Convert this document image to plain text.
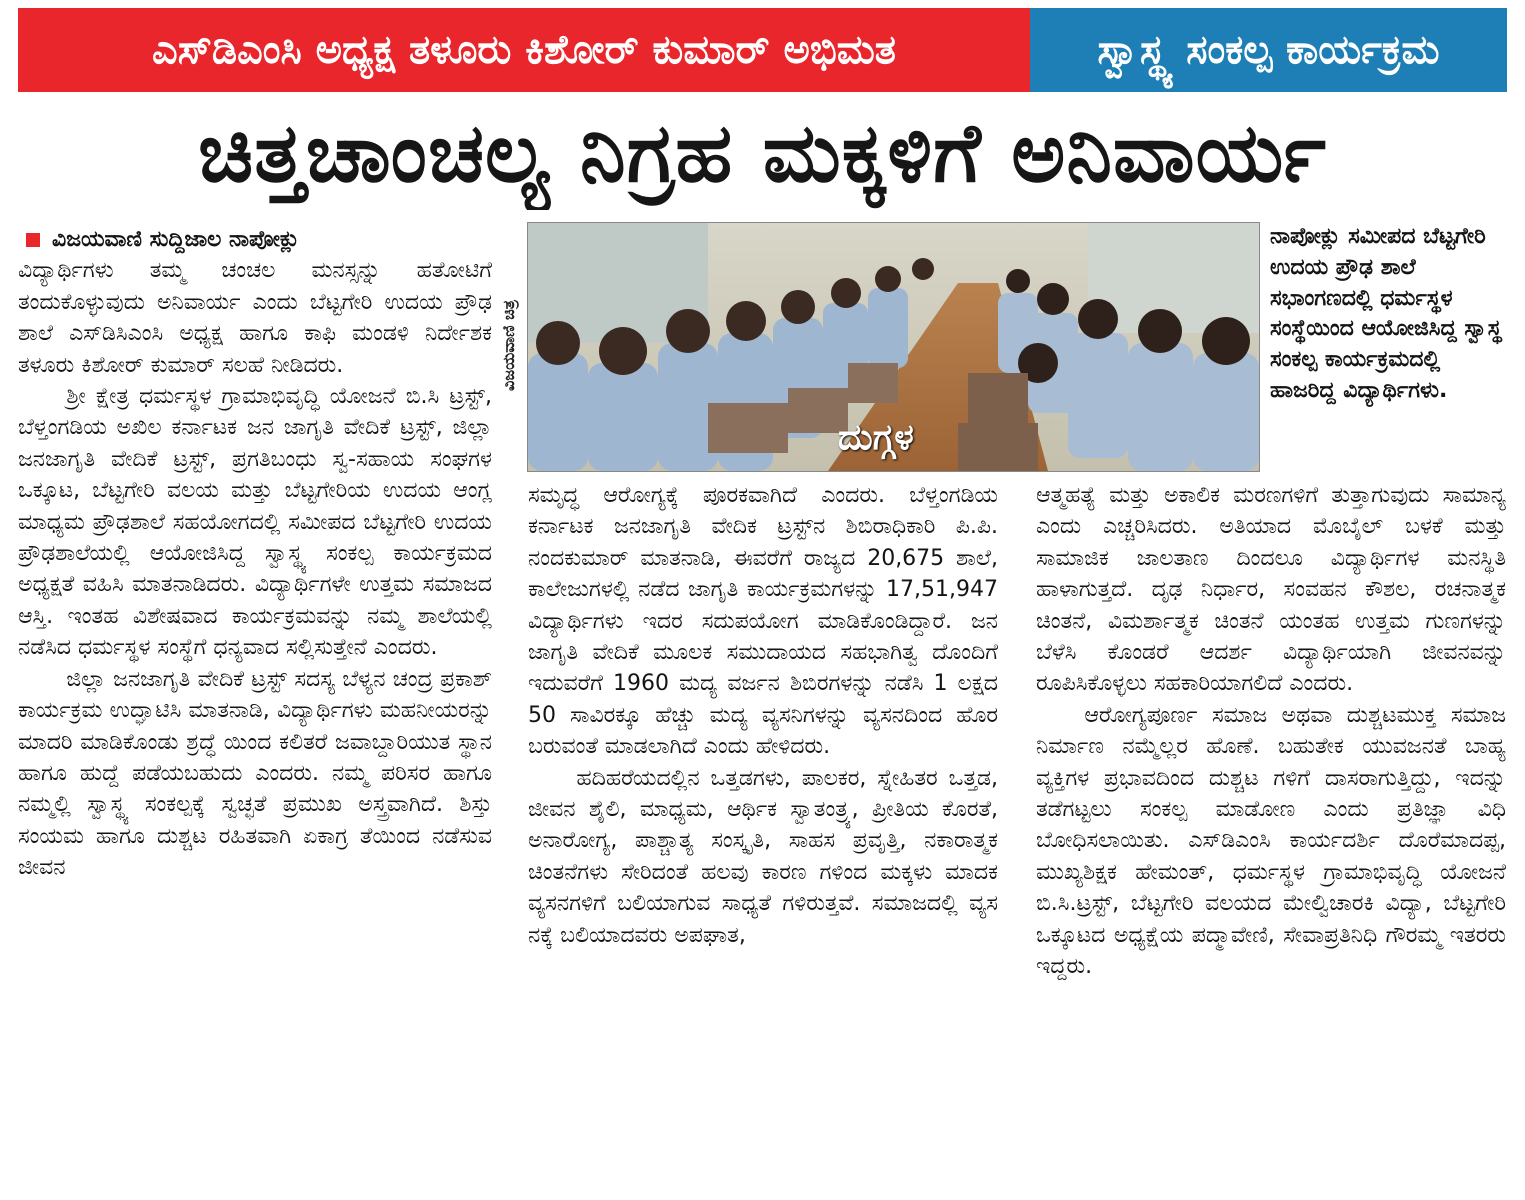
ಎಸ್‌ಡಿಎಂಸಿ ಅಧ್ಯಕ್ಷ ತಳೂರು ಕಿಶೋರ್ ಕುಮಾರ್ ಅಭಿಮತ	ಸ್ವಾಸ್ಥ್ಯ ಸಂಕಲ್ಪ ಕಾರ್ಯಕ್ರಮ
ಚಿತ್ತಚಾಂಚಲ್ಯ ನಿಗ್ರಹ ಮಕ್ಕಳಿಗೆ ಅನಿವಾರ್ಯ
ವಿಜಯವಾಣಿ ಸುದ್ದಿಜಾಲ ನಾಪೋಕ್ಲು

ವಿದ್ಯಾರ್ಥಿಗಳು ತಮ್ಮ ಚಂಚಲ ಮನಸ್ಸನ್ನು ಹತೋಟಿಗೆ ತಂದುಕೊಳ್ಳುವುದು ಅನಿವಾರ್ಯ ಎಂದು ಬೆಟ್ಟಗೇರಿ ಉದಯ ಪ್ರೌಢ ಶಾಲೆ ಎಸ್‌ಡಿಸಿಎಂಸಿ ಅಧ್ಯಕ್ಷ ಹಾಗೂ ಕಾಫಿ ಮಂಡಳಿ ನಿರ್ದೇಶಕ ತಳೂರು ಕಿಶೋರ್ ಕುಮಾರ್ ಸಲಹೆ ನೀಡಿದರು.

ಶ್ರೀ ಕ್ಷೇತ್ರ ಧರ್ಮಸ್ಥಳ ಗ್ರಾಮಾಭಿವೃದ್ಧಿ ಯೋಜನೆ ಬಿ.ಸಿ ಟ್ರಸ್ಟ್, ಬೆಳ್ತಂಗಡಿಯ ಅಖಿಲ ಕರ್ನಾಟಕ ಜನ ಜಾಗೃತಿ ವೇದಿಕೆ ಟ್ರಸ್ಟ್, ಜಿಲ್ಲಾ ಜನಜಾಗೃತಿ ವೇದಿಕೆ ಟ್ರಸ್ಟ್, ಪ್ರಗತಿಬಂಧು ಸ್ವ-ಸಹಾಯ ಸಂಘಗಳ ಒಕ್ಕೂಟ, ಬೆಟ್ಟಗೇರಿ ವಲಯ ಮತ್ತು ಬೆಟ್ಟಗೇರಿಯ ಉದಯ ಆಂಗ್ಲ ಮಾಧ್ಯಮ ಪ್ರೌಢಶಾಲೆ ಸಹಯೋಗದಲ್ಲಿ ಸಮೀಪದ ಬೆಟ್ಟಗೇರಿ ಉದಯ ಪ್ರೌಢಶಾಲೆಯಲ್ಲಿ ಆಯೋಜಿಸಿದ್ದ ಸ್ವಾಸ್ಥ್ಯ ಸಂಕಲ್ಪ ಕಾರ್ಯಕ್ರಮದ ಅಧ್ಯಕ್ಷತೆ ವಹಿಸಿ ಮಾತನಾಡಿದರು. ವಿದ್ಯಾರ್ಥಿಗಳೇ ಉತ್ತಮ ಸಮಾಜದ ಆಸ್ತಿ. ಇಂತಹ ವಿಶೇಷವಾದ ಕಾರ್ಯಕ್ರಮವನ್ನು ನಮ್ಮ ಶಾಲೆಯಲ್ಲಿ ನಡೆಸಿದ ಧರ್ಮಸ್ಥಳ ಸಂಸ್ಥೆಗೆ ಧನ್ಯವಾದ ಸಲ್ಲಿಸುತ್ತೇನೆ ಎಂದರು.

ಜಿಲ್ಲಾ ಜನಜಾಗೃತಿ ವೇದಿಕೆ ಟ್ರಸ್ಟ್ ಸದಸ್ಯ ಬೆಳ್ಯನ ಚಂದ್ರ ಪ್ರಕಾಶ್ ಕಾರ್ಯಕ್ರಮ ಉದ್ಘಾಟಿಸಿ ಮಾತನಾಡಿ, ವಿದ್ಯಾರ್ಥಿಗಳು ಮಹನೀಯರನ್ನು ಮಾದರಿ ಮಾಡಿಕೊಂಡು ಶ್ರದ್ಧೆ ಯಿಂದ ಕಲಿತರೆ ಜವಾಬ್ದಾರಿಯುತ ಸ್ಥಾನ ಹಾಗೂ ಹುದ್ದೆ ಪಡೆಯಬಹುದು ಎಂದರು. ನಮ್ಮ ಪರಿಸರ ಹಾಗೂ ನಮ್ಮಲ್ಲಿ ಸ್ವಾಸ್ಥ್ಯ ಸಂಕಲ್ಪಕ್ಕೆ ಸ್ವಚ್ಛತೆ ಪ್ರಮುಖ ಅಸ್ತ್ರವಾಗಿದೆ. ಶಿಸ್ತು ಸಂಯಮ ಹಾಗೂ ದುಶ್ಚಟ ರಹಿತವಾಗಿ ಏಕಾಗ್ರ ತೆಯಿಂದ ನಡೆಸುವ ಜೀವನ

ವಿಜಯವಾಣಿ ಚಿತ್ರ
ದುಗ್ಗಳ
ನಾಪೋಕ್ಲು ಸಮೀಪದ ಬೆಟ್ಟಗೇರಿ ಉದಯ ಪ್ರೌಢ ಶಾಲೆ ಸಭಾಂಗಣದಲ್ಲಿ ಧರ್ಮಸ್ಥಳ ಸಂಸ್ಥೆಯಿಂದ ಆಯೋಜಿಸಿದ್ದ ಸ್ವಾಸ್ಥ ಸಂಕಲ್ಪ ಕಾರ್ಯಕ್ರಮದಲ್ಲಿ ಹಾಜರಿದ್ದ ವಿದ್ಯಾರ್ಥಿಗಳು.

ಸಮೃದ್ಧ ಆರೋಗ್ಯಕ್ಕೆ ಪೂರಕವಾಗಿದೆ ಎಂದರು. ಬೆಳ್ತಂಗಡಿಯ ಕರ್ನಾಟಕ ಜನಜಾಗೃತಿ ವೇದಿಕ ಟ್ರಸ್ಟ್‌ನ ಶಿಬಿರಾಧಿಕಾರಿ ಪಿ.ಪಿ. ನಂದಕುಮಾರ್ ಮಾತನಾಡಿ, ಈವರೆಗೆ ರಾಜ್ಯದ 20,675 ಶಾಲೆ, ಕಾಲೇಜುಗಳಲ್ಲಿ ನಡೆದ ಜಾಗೃತಿ ಕಾರ್ಯಕ್ರಮಗಳನ್ನು 17,51,947 ವಿದ್ಯಾರ್ಥಿಗಳು ಇದರ ಸದುಪಯೋಗ ಮಾಡಿಕೊಂಡಿದ್ದಾರೆ. ಜನ ಜಾಗೃತಿ ವೇದಿಕೆ ಮೂಲಕ ಸಮುದಾಯದ ಸಹಭಾಗಿತ್ವ ದೊಂದಿಗೆ ಇದುವರೆಗೆ 1960 ಮದ್ಯ ವರ್ಜನ ಶಿಬಿರಗಳನ್ನು ನಡೆಸಿ 1 ಲಕ್ಷದ 50 ಸಾವಿರಕ್ಕೂ ಹೆಚ್ಚು ಮದ್ಯ ವ್ಯಸನಿಗಳನ್ನು ವ್ಯಸನದಿಂದ ಹೊರ ಬರುವಂತೆ ಮಾಡಲಾಗಿದೆ ಎಂದು ಹೇಳಿದರು.

ಹದಿಹರೆಯದಲ್ಲಿನ ಒತ್ತಡಗಳು, ಪಾಲಕರ, ಸ್ನೇಹಿತರ ಒತ್ತಡ, ಜೀವನ ಶೈಲಿ, ಮಾಧ್ಯಮ, ಆರ್ಥಿಕ ಸ್ವಾತಂತ್ರ್ಯ, ಪ್ರೀತಿಯ ಕೊರತೆ, ಅನಾರೋಗ್ಯ, ಪಾಶ್ಚಾತ್ಯ ಸಂಸ್ಕೃತಿ, ಸಾಹಸ ಪ್ರವೃತ್ತಿ, ನಕಾರಾತ್ಮಕ ಚಿಂತನೆಗಳು ಸೇರಿದಂತೆ ಹಲವು ಕಾರಣ ಗಳಿಂದ ಮಕ್ಕಳು ಮಾದಕ ವ್ಯಸನಗಳಿಗೆ ಬಲಿಯಾಗುವ ಸಾಧ್ಯತೆ ಗಳಿರುತ್ತವೆ. ಸಮಾಜದಲ್ಲಿ ವ್ಯಸ ನಕ್ಕೆ ಬಲಿಯಾದವರು ಅಪಘಾತ,

ಆತ್ಮಹತ್ಯೆ ಮತ್ತು ಅಕಾಲಿಕ ಮರಣಗಳಿಗೆ ತುತ್ತಾಗುವುದು ಸಾಮಾನ್ಯ ಎಂದು ಎಚ್ಚರಿಸಿದರು. ಅತಿಯಾದ ಮೊಬೈಲ್ ಬಳಕೆ ಮತ್ತು ಸಾಮಾಜಿಕ ಜಾಲತಾಣ ದಿಂದಲೂ ವಿದ್ಯಾರ್ಥಿಗಳ ಮನಸ್ಥಿತಿ ಹಾಳಾಗುತ್ತದೆ. ದೃಢ ನಿರ್ಧಾರ, ಸಂವಹನ ಕೌಶಲ, ರಚನಾತ್ಮಕ ಚಿಂತನೆ, ವಿಮರ್ಶಾತ್ಮಕ ಚಿಂತನೆ ಯಂತಹ ಉತ್ತಮ ಗುಣಗಳನ್ನು ಬೆಳೆಸಿ ಕೊಂಡರೆ ಆದರ್ಶ ವಿದ್ಯಾರ್ಥಿಯಾಗಿ ಜೀವನವನ್ನು ರೂಪಿಸಿಕೊಳ್ಳಲು ಸಹಕಾರಿಯಾಗಲಿದೆ ಎಂದರು.

ಆರೋಗ್ಯಪೂರ್ಣ ಸಮಾಜ ಅಥವಾ ದುಶ್ಚಟಮುಕ್ತ ಸಮಾಜ ನಿರ್ಮಾಣ ನಮ್ಮೆಲ್ಲರ ಹೊಣೆ. ಬಹುತೇಕ ಯುವಜನತೆ ಬಾಹ್ಯ ವ್ಯಕ್ತಿಗಳ ಪ್ರಭಾವದಿಂದ ದುಶ್ಚಟ ಗಳಿಗೆ ದಾಸರಾಗುತ್ತಿದ್ದು, ಇದನ್ನು ತಡೆಗಟ್ಟಲು ಸಂಕಲ್ಪ ಮಾಡೋಣ ಎಂದು ಪ್ರತಿಜ್ಞಾ ವಿಧಿ ಬೋಧಿಸಲಾಯಿತು. ಎಸ್‌ಡಿಎಂಸಿ ಕಾರ್ಯದರ್ಶಿ ದೊರೆಮಾದಪ್ಪ, ಮುಖ್ಯಶಿಕ್ಷಕ ಹೇಮಂತ್, ಧರ್ಮಸ್ಥಳ ಗ್ರಾಮಾಭಿವೃದ್ಧಿ ಯೋಜನೆ ಬಿ.ಸಿ.ಟ್ರಸ್ಟ್, ಬೆಟ್ಟಗೇರಿ ವಲಯದ ಮೇಲ್ವಿಚಾರಕಿ ವಿದ್ಯಾ, ಬೆಟ್ಟಗೇರಿ ಒಕ್ಕೂಟದ ಅಧ್ಯಕ್ಷೆಯ ಪದ್ಮಾವೇಣಿ, ಸೇವಾಪ್ರತಿನಿಧಿ ಗೌರಮ್ಮ ಇತರರು ಇದ್ದರು.
